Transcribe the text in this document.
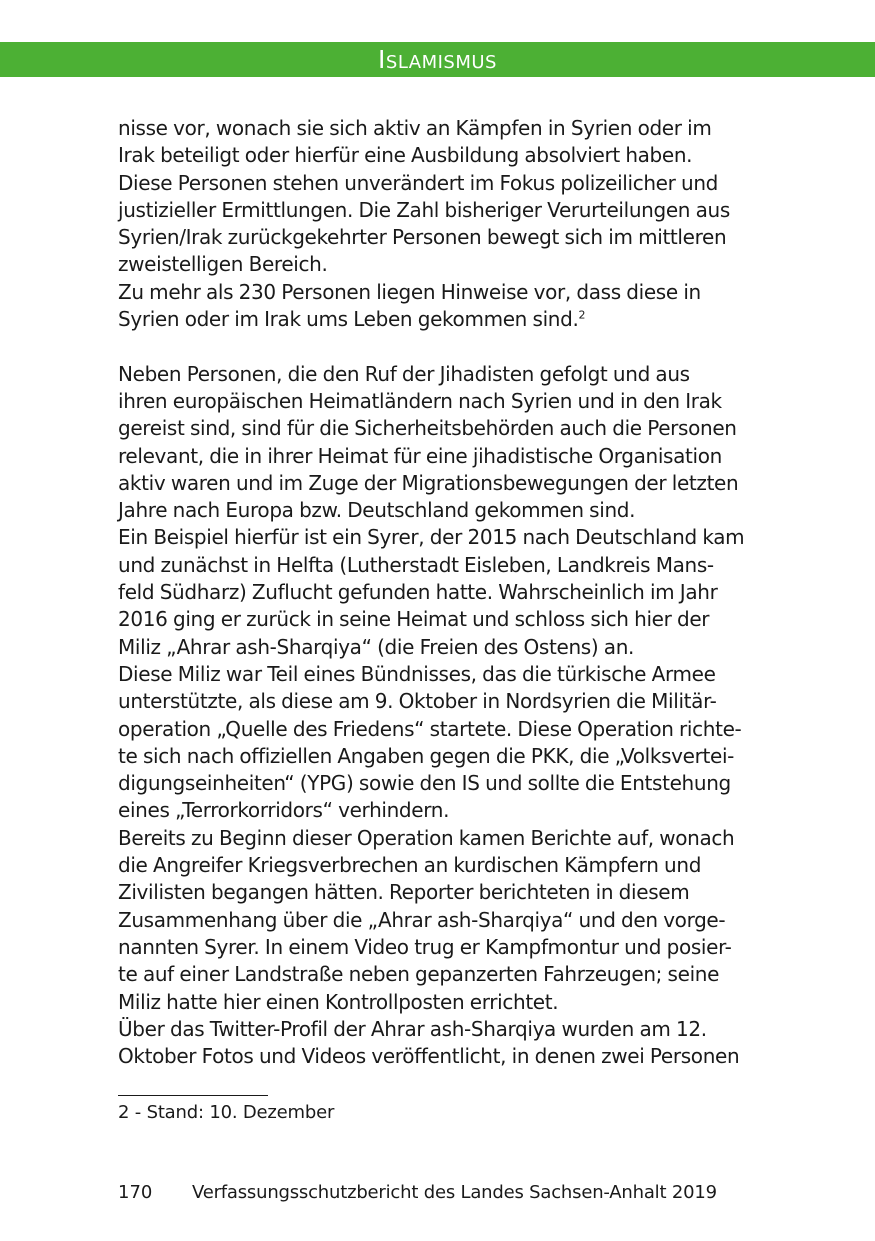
Islamismus
nisse vor, wonach sie sich aktiv an Kämpfen in Syrien oder im
Irak beteiligt oder hierfür eine Ausbildung absolviert haben.
Diese Personen stehen unverändert im Fokus polizeilicher und
justizieller Ermittlungen. Die Zahl bisheriger Verurteilungen aus
Syrien/Irak zurückgekehrter Personen bewegt sich im mittleren
zweistelligen Bereich.
Zu mehr als 230 Personen liegen Hinweise vor, dass diese in
Syrien oder im Irak ums Leben gekommen sind.$^2$
Neben Personen, die den Ruf der Jihadisten gefolgt und aus
ihren europäischen Heimatländern nach Syrien und in den Irak
gereist sind, sind für die Sicherheitsbehörden auch die Personen
relevant, die in ihrer Heimat für eine jihadistische Organisation
aktiv waren und im Zuge der Migrationsbewegungen der letzten
Jahre nach Europa bzw. Deutschland gekommen sind.
Ein Beispiel hierfür ist ein Syrer, der 2015 nach Deutschland kam
und zunächst in Helfta (Lutherstadt Eisleben, Landkreis Mans-
feld Südharz) Zuflucht gefunden hatte. Wahrscheinlich im Jahr
2016 ging er zurück in seine Heimat und schloss sich hier der
Miliz „Ahrar ash-Sharqiya“ (die Freien des Ostens) an.
Diese Miliz war Teil eines Bündnisses, das die türkische Armee
unterstützte, als diese am 9. Oktober in Nordsyrien die Militär-
operation „Quelle des Friedens“ startete. Diese Operation richte-
te sich nach offiziellen Angaben gegen die PKK, die „Volksvertei-
digungseinheiten“ (YPG) sowie den IS und sollte die Entstehung
eines „Terrorkorridors“ verhindern.
Bereits zu Beginn dieser Operation kamen Berichte auf, wonach
die Angreifer Kriegsverbrechen an kurdischen Kämpfern und
Zivilisten begangen hätten. Reporter berichteten in diesem
Zusammenhang über die „Ahrar ash-Sharqiya“ und den vorge-
nannten Syrer. In einem Video trug er Kampfmontur und posier-
te auf einer Landstraße neben gepanzerten Fahrzeugen; seine
Miliz hatte hier einen Kontrollposten errichtet.
Über das Twitter-Profil der Ahrar ash-Sharqiya wurden am 12.
Oktober Fotos und Videos veröffentlicht, in denen zwei Personen
2 - Stand: 10. Dezember
170 Verfassungsschutzbericht des Landes Sachsen-Anhalt 2019
